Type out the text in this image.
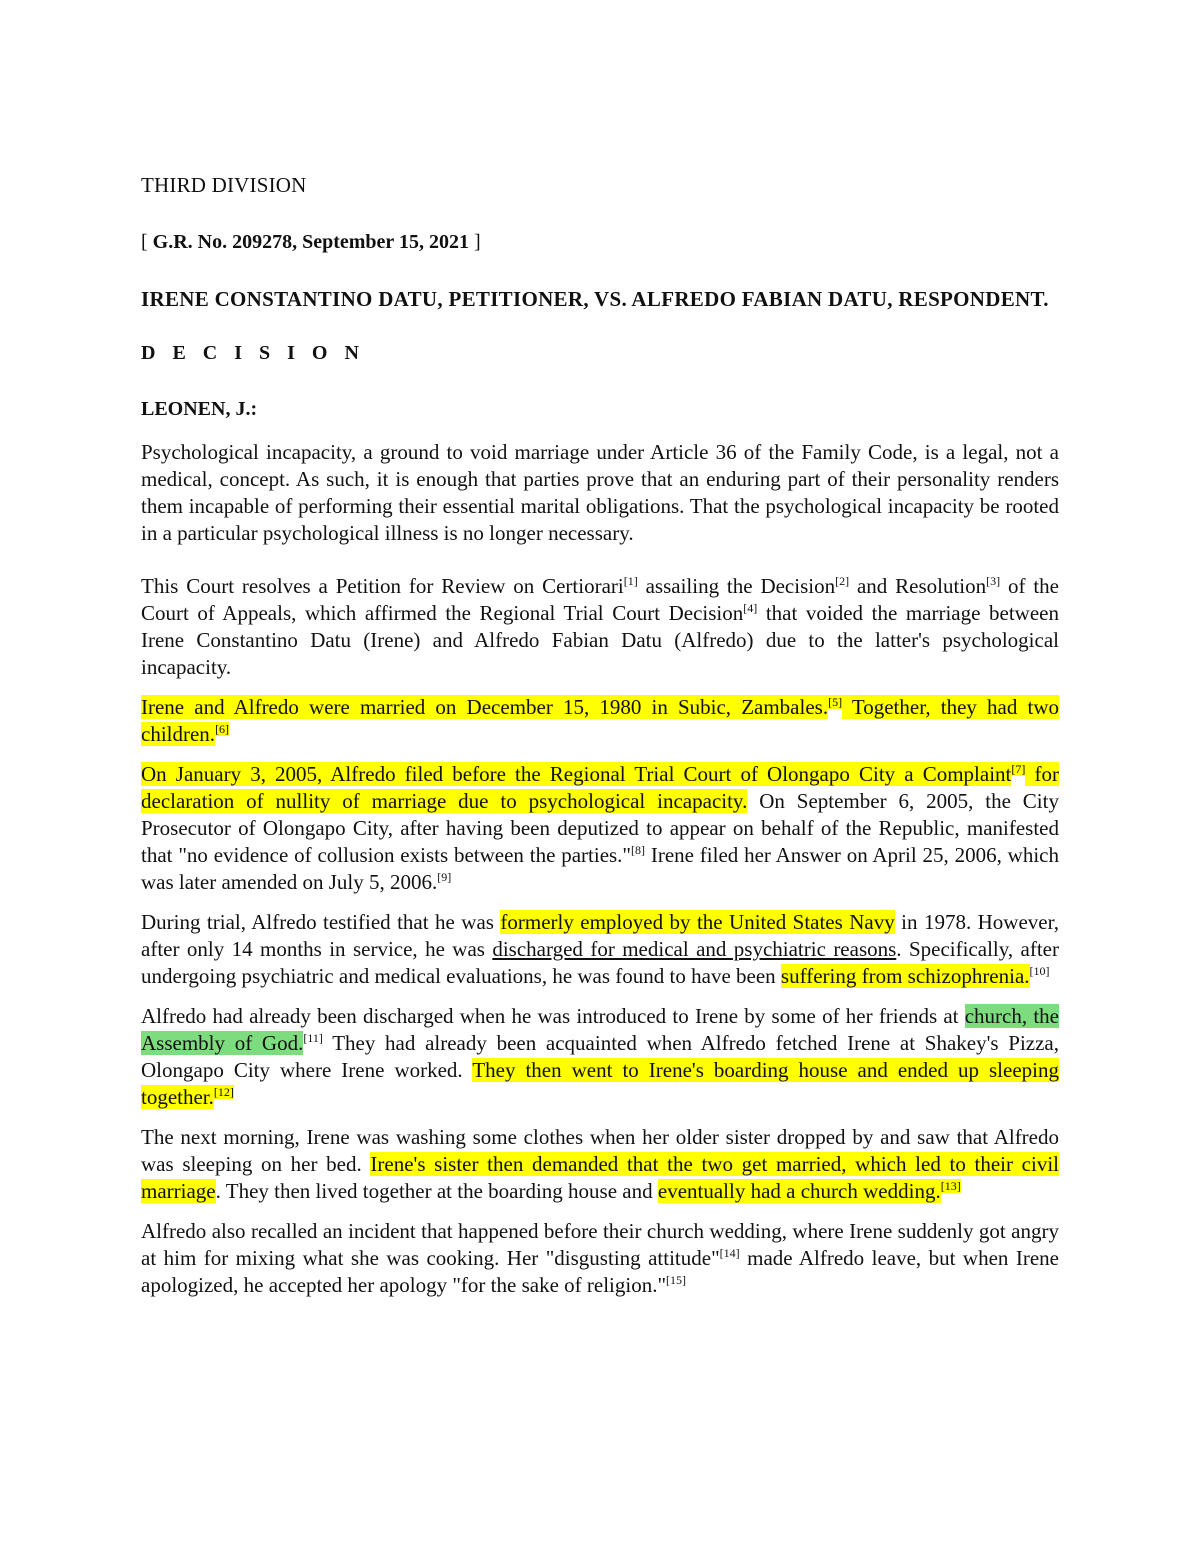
THIRD DIVISION

[ G.R. No. 209278, September 15, 2021 ]

IRENE CONSTANTINO DATU, PETITIONER, VS. ALFREDO FABIAN DATU, RESPONDENT.

D E C I S I O N

LEONEN, J.:

Psychological incapacity, a ground to void marriage under Article 36 of the Family Code, is a legal, not a medical, concept. As such, it is enough that parties prove that an enduring part of their personality renders them incapable of performing their essential marital obligations. That the psychological incapacity be rooted in a particular psychological illness is no longer necessary.

This Court resolves a Petition for Review on Certiorari[1] assailing the Decision[2] and Resolution[3] of the Court of Appeals, which affirmed the Regional Trial Court Decision[4] that voided the marriage between Irene Constantino Datu (Irene) and Alfredo Fabian Datu (Alfredo) due to the latter's psychological incapacity.

Irene and Alfredo were married on December 15, 1980 in Subic, Zambales.[5] Together, they had two children.[6]

On January 3, 2005, Alfredo filed before the Regional Trial Court of Olongapo City a Complaint[7] for declaration of nullity of marriage due to psychological incapacity. On September 6, 2005, the City Prosecutor of Olongapo City, after having been deputized to appear on behalf of the Republic, manifested that "no evidence of collusion exists between the parties."[8] Irene filed her Answer on April 25, 2006, which was later amended on July 5, 2006.[9]

During trial, Alfredo testified that he was formerly employed by the United States Navy in 1978. However, after only 14 months in service, he was discharged for medical and psychiatric reasons. Specifically, after undergoing psychiatric and medical evaluations, he was found to have been suffering from schizophrenia.[10]

Alfredo had already been discharged when he was introduced to Irene by some of her friends at church, the Assembly of God.[11] They had already been acquainted when Alfredo fetched Irene at Shakey's Pizza, Olongapo City where Irene worked. They then went to Irene's boarding house and ended up sleeping together.[12]

The next morning, Irene was washing some clothes when her older sister dropped by and saw that Alfredo was sleeping on her bed. Irene's sister then demanded that the two get married, which led to their civil marriage. They then lived together at the boarding house and eventually had a church wedding.[13]

Alfredo also recalled an incident that happened before their church wedding, where Irene suddenly got angry at him for mixing what she was cooking. Her "disgusting attitude"[14] made Alfredo leave, but when Irene apologized, he accepted her apology "for the sake of religion."[15]
